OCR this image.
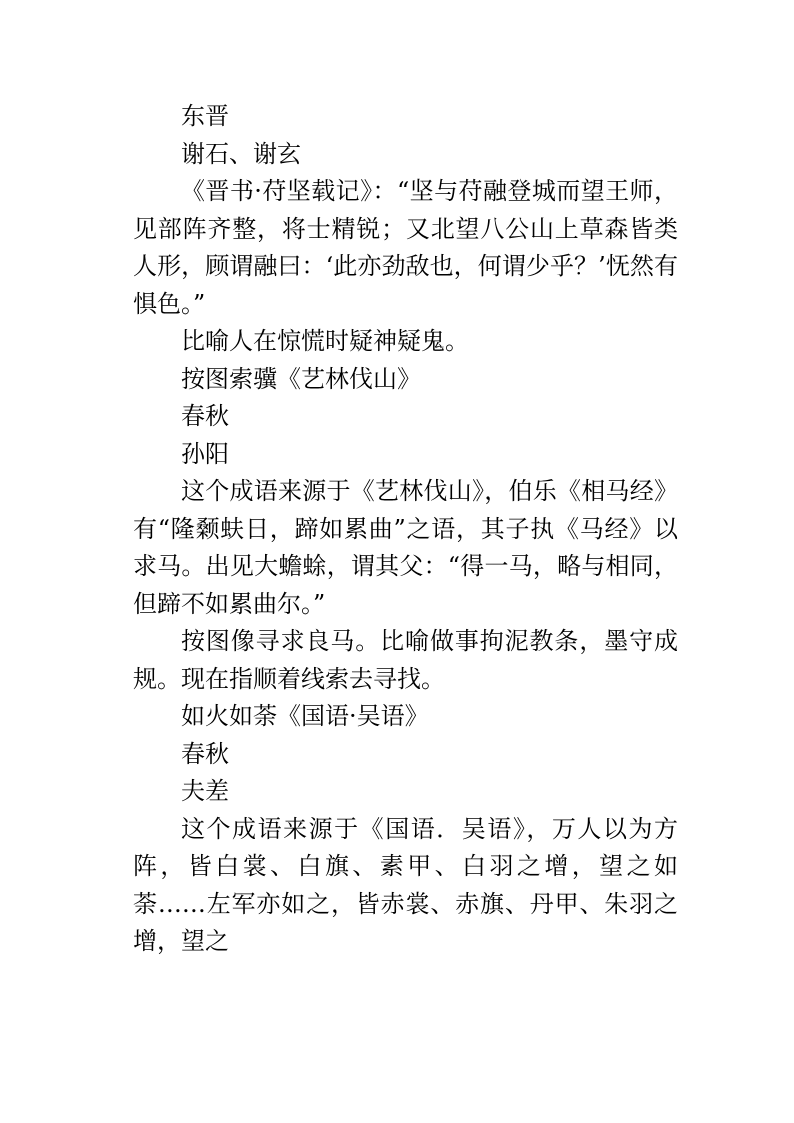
东晋

谢石、谢玄

《晋书·苻坚载记》：“坚与苻融登城而望王师，见部阵齐整，将士精锐；又北望八公山上草森皆类人形，顾谓融曰：‘此亦劲敌也，何谓少乎？’怃然有惧色。”

比喻人在惊慌时疑神疑鬼。

按图索骥《艺林伐山》

春秋

孙阳

这个成语来源于《艺林伐山》，伯乐《相马经》有“隆颡蚨日，蹄如累曲”之语，其子执《马经》以求马。出见大蟾蜍，谓其父：“得一马，略与相同，但蹄不如累曲尔。”

按图像寻求良马。比喻做事拘泥教条，墨守成规。现在指顺着线索去寻找。

如火如荼《国语·吴语》

春秋

夫差

这个成语来源于《国语．吴语》，万人以为方阵，皆白裳、白旗、素甲、白羽之增，望之如荼……左军亦如之，皆赤裳、赤旗、丹甲、朱羽之增，望之
